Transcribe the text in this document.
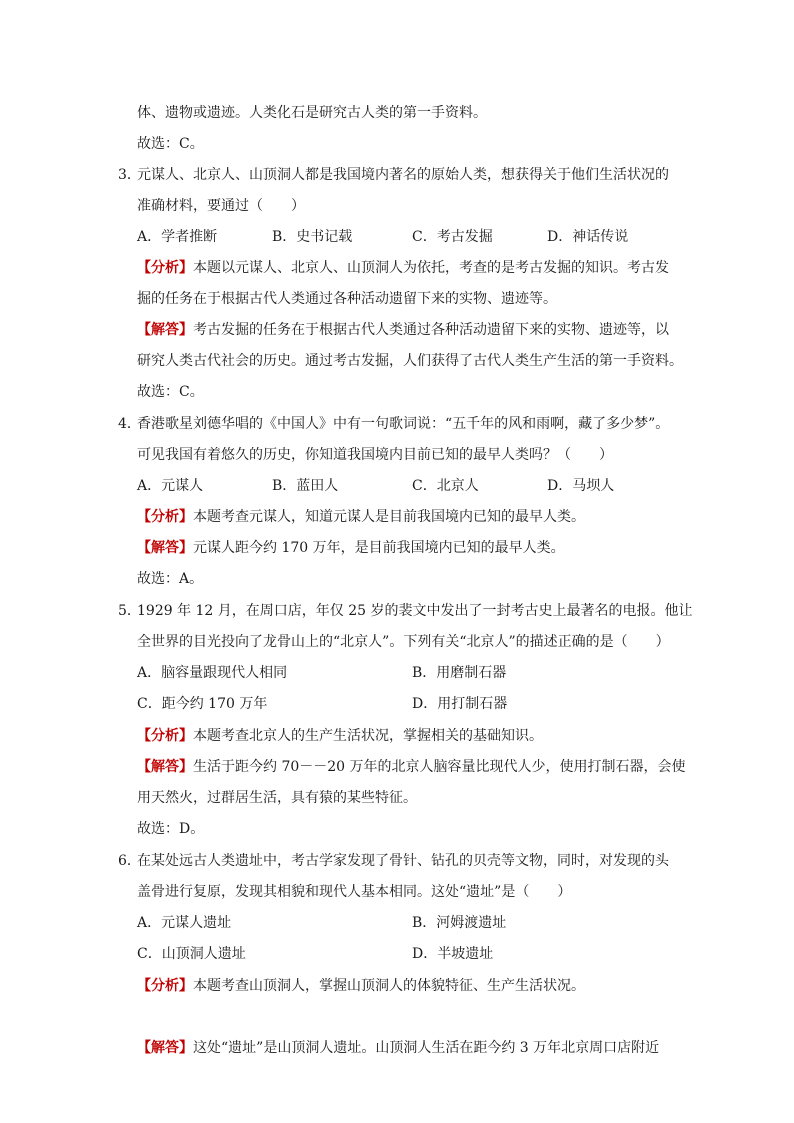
体、遗物或遗迹。人类化石是研究古人类的第一手资料。
故选：C。
3．
元谋人、北京人、山顶洞人都是我国境内著名的原始人类，想获得关于他们生活状况的
准确材料，要通过（　　）
A．学者推断	B．史书记载	C．考古发掘	D．神话传说
【分析】本题以元谋人、北京人、山顶洞人为依托，考查的是考古发掘的知识。考古发
掘的任务在于根据古代人类通过各种活动遗留下来的实物、遗迹等。
【解答】考古发掘的任务在于根据古代人类通过各种活动遗留下来的实物、遗迹等，以
研究人类古代社会的历史。通过考古发掘，人们获得了古代人类生产生活的第一手资料。
故选：C。
4．
香港歌星刘德华唱的《中国人》中有一句歌词说：“五千年的风和雨啊，藏了多少梦”。
可见我国有着悠久的历史，你知道我国境内目前已知的最早人类吗？（　　）
A．元谋人	B．蓝田人	C．北京人	D．马坝人
【分析】本题考查元谋人，知道元谋人是目前我国境内已知的最早人类。
【解答】元谋人距今约 170 万年，是目前我国境内已知的最早人类。
故选：A。
5．
1929 年 12 月，在周口店，年仅 25 岁的裴文中发出了一封考古史上最著名的电报。他让
全世界的目光投向了龙骨山上的“北京人”。下列有关“北京人”的描述正确的是（　　）
A．脑容量跟现代人相同	B．用磨制石器
C．距今约 170 万年	D．用打制石器
【分析】本题考查北京人的生产生活状况，掌握相关的基础知识。
【解答】生活于距今约 70－－20 万年的北京人脑容量比现代人少，使用打制石器，会使
用天然火，过群居生活，具有猿的某些特征。
故选：D。
6．
在某处远古人类遗址中，考古学家发现了骨针、钻孔的贝壳等文物，同时，对发现的头
盖骨进行复原，发现其相貌和现代人基本相同。这处“遗址”是（　　）
A．元谋人遗址	B．河姆渡遗址
C．山顶洞人遗址	D．半坡遗址
【分析】本题考查山顶洞人，掌握山顶洞人的体貌特征、生产生活状况。
【解答】这处“遗址”是山顶洞人遗址。山顶洞人生活在距今约 3 万年北京周口店附近
